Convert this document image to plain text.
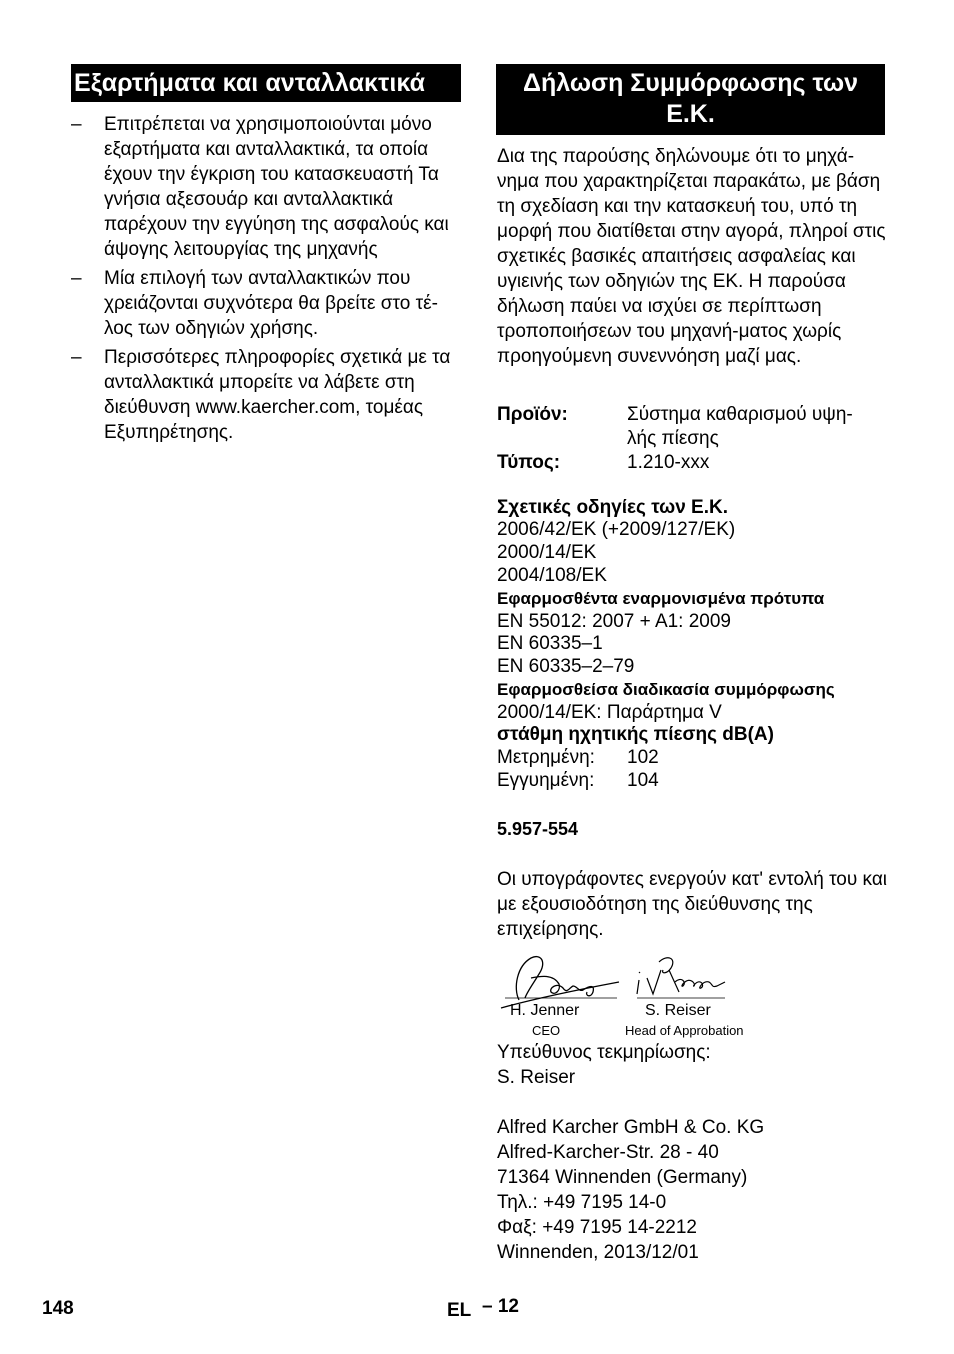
Εξαρτήματα και ανταλλακτικά
– Επιτρέπεται να χρησιμοποιούνται μόνο εξαρτήματα και ανταλλακτικά, τα οποία έχουν την έγκριση του κατασκευαστή Τα γνήσια αξεσουάρ και ανταλλακτικά παρέχουν την εγγύηση της ασφαλούς και άψογης λειτουργίας της μηχανής
– Μία επιλογή των ανταλλακτικών που χρειάζονται συχνότερα θα βρείτε στο τέ-λος των οδηγιών χρήσης.
– Περισσότερες πληροφορίες σχετικά με τα ανταλλακτικά μπορείτε να λάβετε στη διεύθυνση www.kaercher.com, τομέας Εξυπηρέτησης.
Δήλωση Συμμόρφωσης των Ε.Κ.
Δια της παρούσης δηλώνουμε ότι το μηχά-νημα που χαρακτηρίζεται παρακάτω, με βάση τη σχεδίαση και την κατασκευή του, υπό τη μορφή που διατίθεται στην αγορά, πληροί στις σχετικές βασικές απαιτήσεις ασφαλείας και υγιεινής των οδηγιών της ΕΚ. Η παρούσα δήλωση παύει να ισχύει σε περίπτωση τροποποιήσεων του μηχανή-ματος χωρίς προηγούμενη συνεννόηση μαζί μας.
Προϊόν:	Σύστημα καθαρισμού υψη-
λής πίεσης
Τύπος:	1.210-xxx
Σχετικές οδηγίες των Ε.Κ.
2006/42/ΕΚ (+2009/127/ΕΚ)
2000/14/ΕΚ
2004/108/ΕΚ
Εφαρμοσθέντα εναρμονισμένα πρότυπα
EN 55012: 2007 + A1: 2009
EN 60335–1
EN 60335–2–79
Εφαρμοσθείσα διαδικασία συμμόρφωσης
2000/14/ΕΚ: Παράρτημα V
στάθμη ηχητικής πίεσης dB(A)
Μετρημένη: 102
Εγγυημένη: 104
5.957-554
Οι υπογράφοντες ενεργούν κατ' εντολή του και με εξουσιοδότηση της διεύθυνσης της επιχείρησης.
H. Jenner
CEO
S. Reiser
Head of Approbation
Υπεύθυνος τεκμηρίωσης:
S. Reiser
Alfred Karcher GmbH & Co. KG
Alfred-Karcher-Str. 28 - 40
71364 Winnenden (Germany)
Τηλ.: +49 7195 14-0
Φαξ: +49 7195 14-2212
Winnenden, 2013/12/01
148	EL – 12
